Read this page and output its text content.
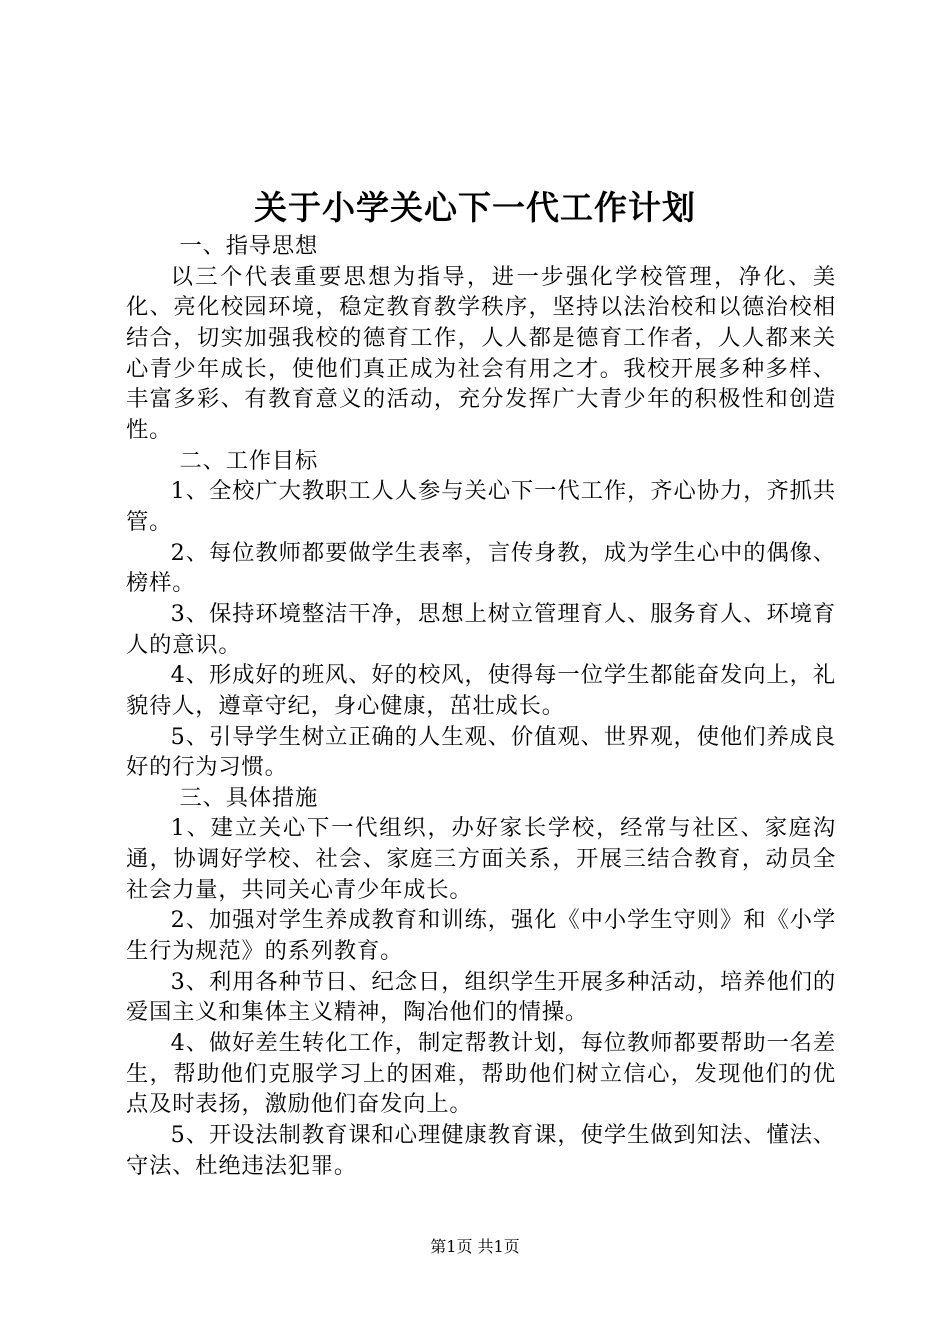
关于小学关心下一代工作计划

一、指导思想

以三个代表重要思想为指导，进一步强化学校管理，净化、美化、亮化校园环境，稳定教育教学秩序，坚持以法治校和以德治校相结合，切实加强我校的德育工作，人人都是德育工作者，人人都来关心青少年成长，使他们真正成为社会有用之才。我校开展多种多样、丰富多彩、有教育意义的活动，充分发挥广大青少年的积极性和创造性。

二、工作目标

1、全校广大教职工人人参与关心下一代工作，齐心协力，齐抓共管。

2、每位教师都要做学生表率，言传身教，成为学生心中的偶像、榜样。

3、保持环境整洁干净，思想上树立管理育人、服务育人、环境育人的意识。

4、形成好的班风、好的校风，使得每一位学生都能奋发向上，礼貌待人，遵章守纪，身心健康，茁壮成长。

5、引导学生树立正确的人生观、价值观、世界观，使他们养成良好的行为习惯。

三、具体措施

1、建立关心下一代组织，办好家长学校，经常与社区、家庭沟通，协调好学校、社会、家庭三方面关系，开展三结合教育，动员全社会力量，共同关心青少年成长。

2、加强对学生养成教育和训练，强化《中小学生守则》和《小学生行为规范》的系列教育。

3、利用各种节日、纪念日，组织学生开展多种活动，培养他们的爱国主义和集体主义精神，陶冶他们的情操。

4、做好差生转化工作，制定帮教计划，每位教师都要帮助一名差生，帮助他们克服学习上的困难，帮助他们树立信心，发现他们的优点及时表扬，激励他们奋发向上。

5、开设法制教育课和心理健康教育课，使学生做到知法、懂法、守法、杜绝违法犯罪。

第1页 共1页
